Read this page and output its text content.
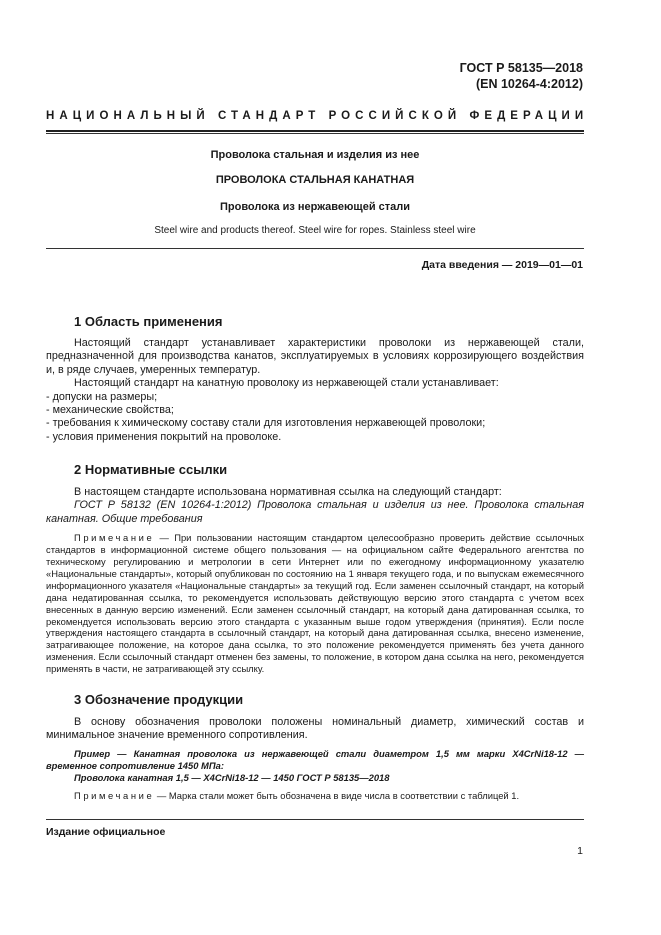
ГОСТ Р 58135—2018
(EN 10264-4:2012)
НАЦИОНАЛЬНЫЙ СТАНДАРТ РОССИЙСКОЙ ФЕДЕРАЦИИ
Проволока стальная и изделия из нее
ПРОВОЛОКА СТАЛЬНАЯ КАНАТНАЯ
Проволока из нержавеющей стали
Steel wire and products thereof. Steel wire for ropes. Stainless steel wire
Дата введения — 2019—01—01
1 Область применения

Настоящий стандарт устанавливает характеристики проволоки из нержавеющей стали, предназначенной для производства канатов, эксплуатируемых в условиях коррозирующего воздействия и, в ряде случаев, умеренных температур.

Настоящий стандарт на канатную проволоку из нержавеющей стали устанавливает:

- допуски на размеры;

- механические свойства;

- требования к химическому составу стали для изготовления нержавеющей проволоки;

- условия применения покрытий на проволоке.

2 Нормативные ссылки

В настоящем стандарте использована нормативная ссылка на следующий стандарт:

ГОСТ Р 58132 (EN 10264-1:2012) Проволока стальная и изделия из нее. Проволока стальная канатная. Общие требования

Примечание — При пользовании настоящим стандартом целесообразно проверить действие ссылочных стандартов в информационной системе общего пользования — на официальном сайте Федерального агентства по техническому регулированию и метрологии в сети Интернет или по ежегодному информационному указателю «Национальные стандарты», который опубликован по состоянию на 1 января текущего года, и по выпускам ежемесячного информационного указателя «Национальные стандарты» за текущий год. Если заменен ссылочный стандарт, на который дана недатированная ссылка, то рекомендуется использовать действующую версию этого стандарта с учетом всех внесенных в данную версию изменений. Если заменен ссылочный стандарт, на который дана датированная ссылка, то рекомендуется использовать версию этого стандарта с указанным выше годом утверждения (принятия). Если после утверждения настоящего стандарта в ссылочный стандарт, на который дана датированная ссылка, внесено изменение, затрагивающее положение, на которое дана ссылка, то это положение рекомендуется применять без учета данного изменения. Если ссылочный стандарт отменен без замены, то положение, в котором дана ссылка на него, рекомендуется применять в части, не затрагивающей эту ссылку.

3 Обозначение продукции

В основу обозначения проволоки положены номинальный диаметр, химический состав и минимальное значение временного сопротивления.

Пример — Канатная проволока из нержавеющей стали диаметром 1,5 мм марки X4CrNi18-12 — временное сопротивление 1450 МПа:

Проволока канатная 1,5 — X4CrNi18-12 — 1450 ГОСТ Р 58135—2018

Примечание — Марка стали может быть обозначена в виде числа в соответствии с таблицей 1.

Издание официальное
1
